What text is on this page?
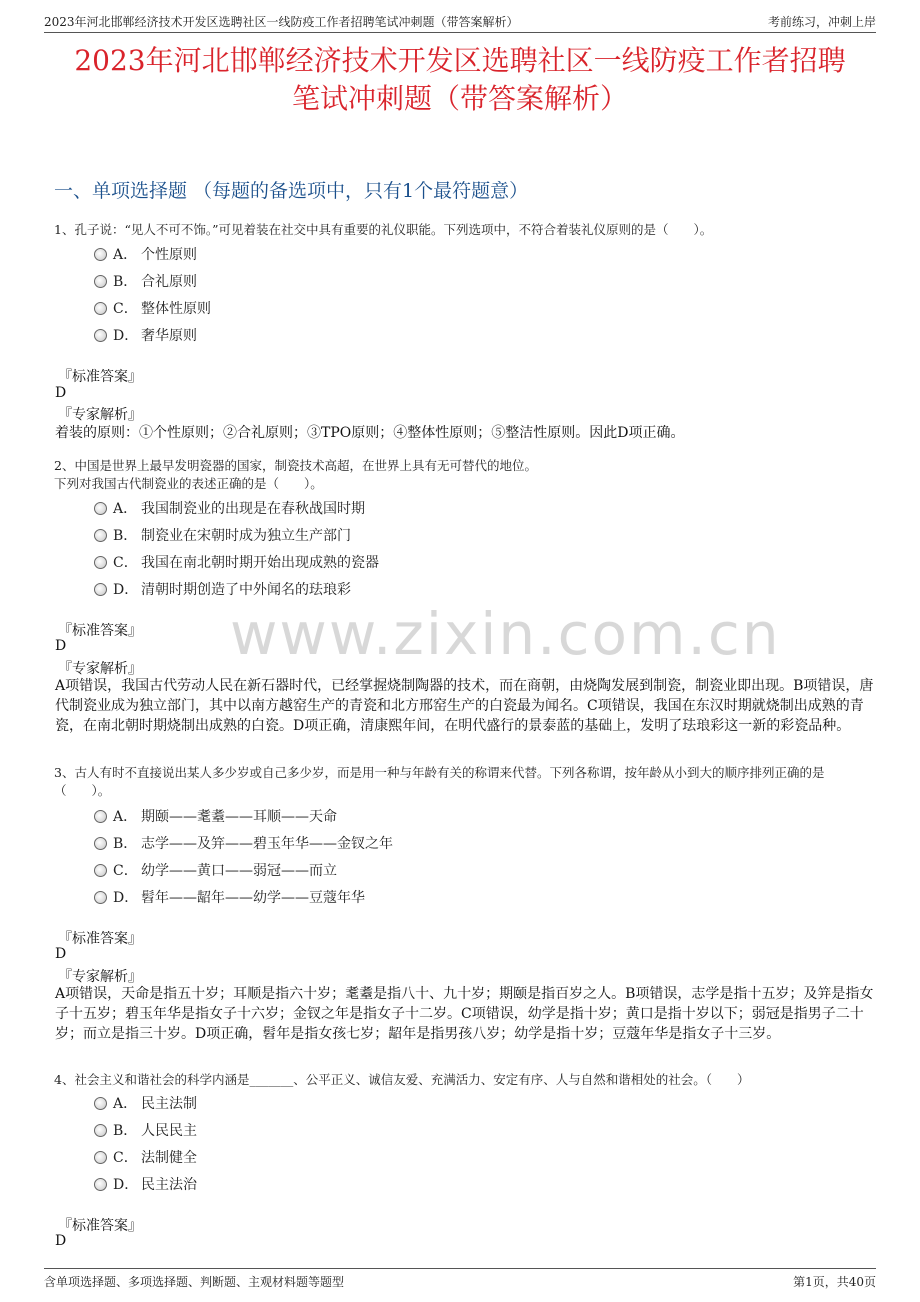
2023年河北邯郸经济技术开发区选聘社区一线防疫工作者招聘笔试冲刺题（带答案解析）	考前练习，冲刺上岸
2023年河北邯郸经济技术开发区选聘社区一线防疫工作者招聘
笔试冲刺题（带答案解析）
一、单项选择题 （每题的备选项中，只有1个最符题意）
www.zixin.com.cn
1、孔子说：“见人不可不饰。”可见着装在社交中具有重要的礼仪职能。下列选项中，不符合着装礼仪原则的是（　　）。
A． 个性原则
B． 合礼原则
C． 整体性原则
D． 奢华原则
『标准答案』
D
『专家解析』
着装的原则：①个性原则；②合礼原则；③TPO原则；④整体性原则；⑤整洁性原则。因此D项正确。
2、中国是世界上最早发明瓷器的国家，制瓷技术高超，在世界上具有无可替代的地位。
下列对我国古代制瓷业的表述正确的是（　　）。
A． 我国制瓷业的出现是在春秋战国时期
B． 制瓷业在宋朝时成为独立生产部门
C． 我国在南北朝时期开始出现成熟的瓷器
D． 清朝时期创造了中外闻名的珐琅彩
『标准答案』
D
『专家解析』
A项错误，我国古代劳动人民在新石器时代，已经掌握烧制陶器的技术，而在商朝，由烧陶发展到制瓷，制瓷业即出现。B项错误，唐代制瓷业成为独立部门，其中以南方越窑生产的青瓷和北方邢窑生产的白瓷最为闻名。C项错误，我国在东汉时期就烧制出成熟的青瓷，在南北朝时期烧制出成熟的白瓷。D项正确，清康熙年间，在明代盛行的景泰蓝的基础上，发明了珐琅彩这一新的彩瓷品种。
3、古人有时不直接说出某人多少岁或自己多少岁，而是用一种与年龄有关的称谓来代替。下列各称谓，按年龄从小到大的顺序排列正确的是（　　）。
A． 期颐——耄耋——耳顺——天命
B． 志学——及笄——碧玉年华——金钗之年
C． 幼学——黄口——弱冠——而立
D． 髫年——龆年——幼学——豆蔻年华
『标准答案』
D
『专家解析』
A项错误，天命是指五十岁；耳顺是指六十岁；耄耋是指八十、九十岁；期颐是指百岁之人。B项错误，志学是指十五岁；及笄是指女子十五岁；碧玉年华是指女子十六岁；金钗之年是指女子十二岁。C项错误，幼学是指十岁；黄口是指十岁以下；弱冠是指男子二十岁；而立是指三十岁。D项正确，髫年是指女孩七岁；龆年是指男孩八岁；幼学是指十岁；豆蔻年华是指女子十三岁。
4、社会主义和谐社会的科学内涵是_______、公平正义、诚信友爱、充满活力、安定有序、人与自然和谐相处的社会。（　　）
A． 民主法制
B． 人民民主
C． 法制健全
D． 民主法治
『标准答案』
D
含单项选择题、多项选择题、判断题、主观材料题等题型	第1页，共40页
